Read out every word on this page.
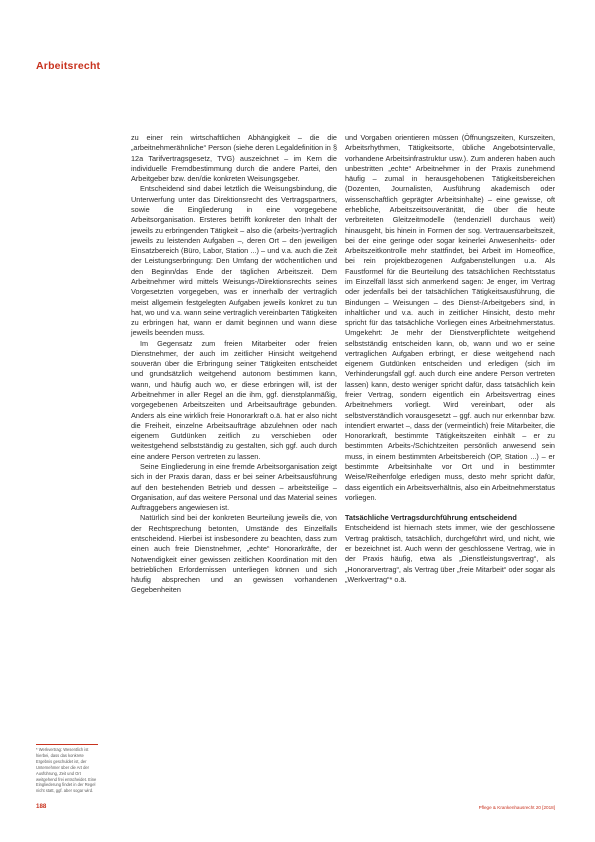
Arbeitsrecht

zu einer rein wirtschaftlichen Abhängigkeit – die die „arbeitnehmerähnliche“ Person (siehe deren Legaldefinition in § 12a Tarifvertragsgesetz, TVG) auszeichnet – im Kern die individuelle Fremdbestimmung durch die andere Partei, den Arbeitgeber bzw. den/die konkreten Weisungsgeber.

Entscheidend sind dabei letztlich die Weisungsbindung, die Unterwerfung unter das Direktionsrecht des Vertragspartners, sowie die Eingliederung in eine vorgegebene Arbeitsorganisation. Ersteres betrifft konkreter den Inhalt der jeweils zu erbringenden Tätigkeit – also die (arbeits-)vertraglich jeweils zu leistenden Aufgaben –, deren Ort – den jeweiligen Einsatzbereich (Büro, Labor, Station ...) – und v.a. auch die Zeit der Leistungserbringung: Den Umfang der wöchentlichen und den Beginn/das Ende der täglichen Arbeitszeit. Dem Arbeitnehmer wird mittels Weisungs-/Direktionsrechts seines Vorgesetzten vorgegeben, was er innerhalb der vertraglich meist allgemein festgelegten Aufgaben jeweils konkret zu tun hat, wo und v.a. wann seine vertraglich vereinbarten Tätigkeiten zu erbringen hat, wann er damit beginnen und wann diese jeweils beenden muss.

Im Gegensatz zum freien Mitarbeiter oder freien Dienstnehmer, der auch im zeitlicher Hinsicht weitgehend souverän über die Erbringung seiner Tätigkeiten entscheidet und grundsätzlich weitgehend autonom bestimmen kann, wann, und häufig auch wo, er diese erbringen will, ist der Arbeitnehmer in aller Regel an die ihm, ggf. dienstplanmäßig, vorgegebenen Arbeitszeiten und Arbeitsaufträge gebunden. Anders als eine wirklich freie Honorarkraft o.ä. hat er also nicht die Freiheit, einzelne Arbeitsaufträge abzulehnen oder nach eigenem Gutdünken zeitlich zu verschieben oder weitestgehend selbstständig zu gestalten, sich ggf. auch durch eine andere Person vertreten zu lassen.

Seine Eingliederung in eine fremde Arbeitsorganisation zeigt sich in der Praxis daran, dass er bei seiner Arbeitsausführung auf den bestehenden Betrieb und dessen – arbeitsteilige – Organisation, auf das weitere Personal und das Material seines Auftraggebers angewiesen ist.

Natürlich sind bei der konkreten Beurteilung jeweils die, von der Rechtsprechung betonten, Umstände des Einzelfalls entscheidend. Hierbei ist insbesondere zu beachten, dass zum einen auch freie Dienstnehmer, „echte“ Honorarkräfte, der Notwendigkeit einer gewissen zeitlichen Koordination mit den betrieblichen Erfordernissen unterliegen können und sich häufig absprechen und an gewissen vorhandenen Gegebenheiten

und Vorgaben orientieren müssen (Öffnungszeiten, Kurszeiten, Arbeitsrhythmen, Tätigkeitsorte, übliche Angebotsintervalle, vorhandene Arbeitsinfrastruktur usw.). Zum anderen haben auch unbestritten „echte“ Arbeitnehmer in der Praxis zunehmend häufig – zumal in herausgehobenen Tätigkeitsbereichen (Dozenten, Journalisten, Ausführung akademisch oder wissenschaftlich geprägter Arbeitsinhalte) – eine gewisse, oft erhebliche, Arbeitszeitsouveränität, die über die heute verbreiteten Gleitzeitmodelle (tendenziell durchaus weit) hinausgeht, bis hinein in Formen der sog. Vertrauensarbeitszeit, bei der eine geringe oder sogar keinerlei Anwesenheits- oder Arbeitszeitkontrolle mehr stattfindet, bei Arbeit im Homeoffice, bei rein projektbezogenen Aufgabenstellungen u.a. Als Faustformel für die Beurteilung des tatsächlichen Rechtsstatus im Einzelfall lässt sich anmerkend sagen: Je enger, im Vertrag oder jedenfalls bei der tatsächlichen Tätigkeitsausführung, die Bindungen – Weisungen – des Dienst-/Arbeitgebers sind, in inhaltlicher und v.a. auch in zeitlicher Hinsicht, desto mehr spricht für das tatsächliche Vorliegen eines Arbeitnehmerstatus. Umgekehrt: Je mehr der Dienstverpflichtete weitgehend selbstständig entscheiden kann, ob, wann und wo er seine vertraglichen Aufgaben erbringt, er diese weitgehend nach eigenem Gutdünken entscheiden und erledigen (sich im Verhinderungsfall ggf. auch durch eine andere Person vertreten lassen) kann, desto weniger spricht dafür, dass tatsächlich kein freier Vertrag, sondern eigentlich ein Arbeitsvertrag eines Arbeitnehmers vorliegt. Wird vereinbart, oder als selbstverständlich vorausgesetzt – ggf. auch nur erkennbar bzw. intendiert erwartet –, dass der (vermeintlich) freie Mitarbeiter, die Honorarkraft, bestimmte Tätigkeitszeiten einhält – er zu bestimmten Arbeits-/Schichtzeiten persönlich anwesend sein muss, in einem bestimmten Arbeitsbereich (OP, Station ...) – er bestimmte Arbeitsinhalte vor Ort und in bestimmter Weise/Reihenfolge erledigen muss, desto mehr spricht dafür, dass eigentlich ein Arbeitsverhältnis, also ein Arbeitnehmerstatus vorliegen.

Tatsächliche Vertragsdurchführung entscheidend

Entscheidend ist hiernach stets immer, wie der geschlossene Vertrag praktisch, tatsächlich, durchgeführt wird, und nicht, wie er bezeichnet ist. Auch wenn der geschlossene Vertrag, wie in der Praxis häufig, etwa als „Dienstleistungsvertrag“, als „Honorarvertrag“, als Vertrag über „freie Mitarbeit“ oder sogar als „Werkvertrag“* o.ä.

* Werkvertrag: Wesentlich ist hierbei, dass das konkrete Ergebnis geschuldet ist, der Unternehmer über die Art der Ausführung, Zeit und Ort weitgehend frei entscheidet. Eine Eingliederung findet in der Regel nicht statt, ggf. aber sogar wird.
188	Pflege & Krankenhausrecht 20 [2018]
